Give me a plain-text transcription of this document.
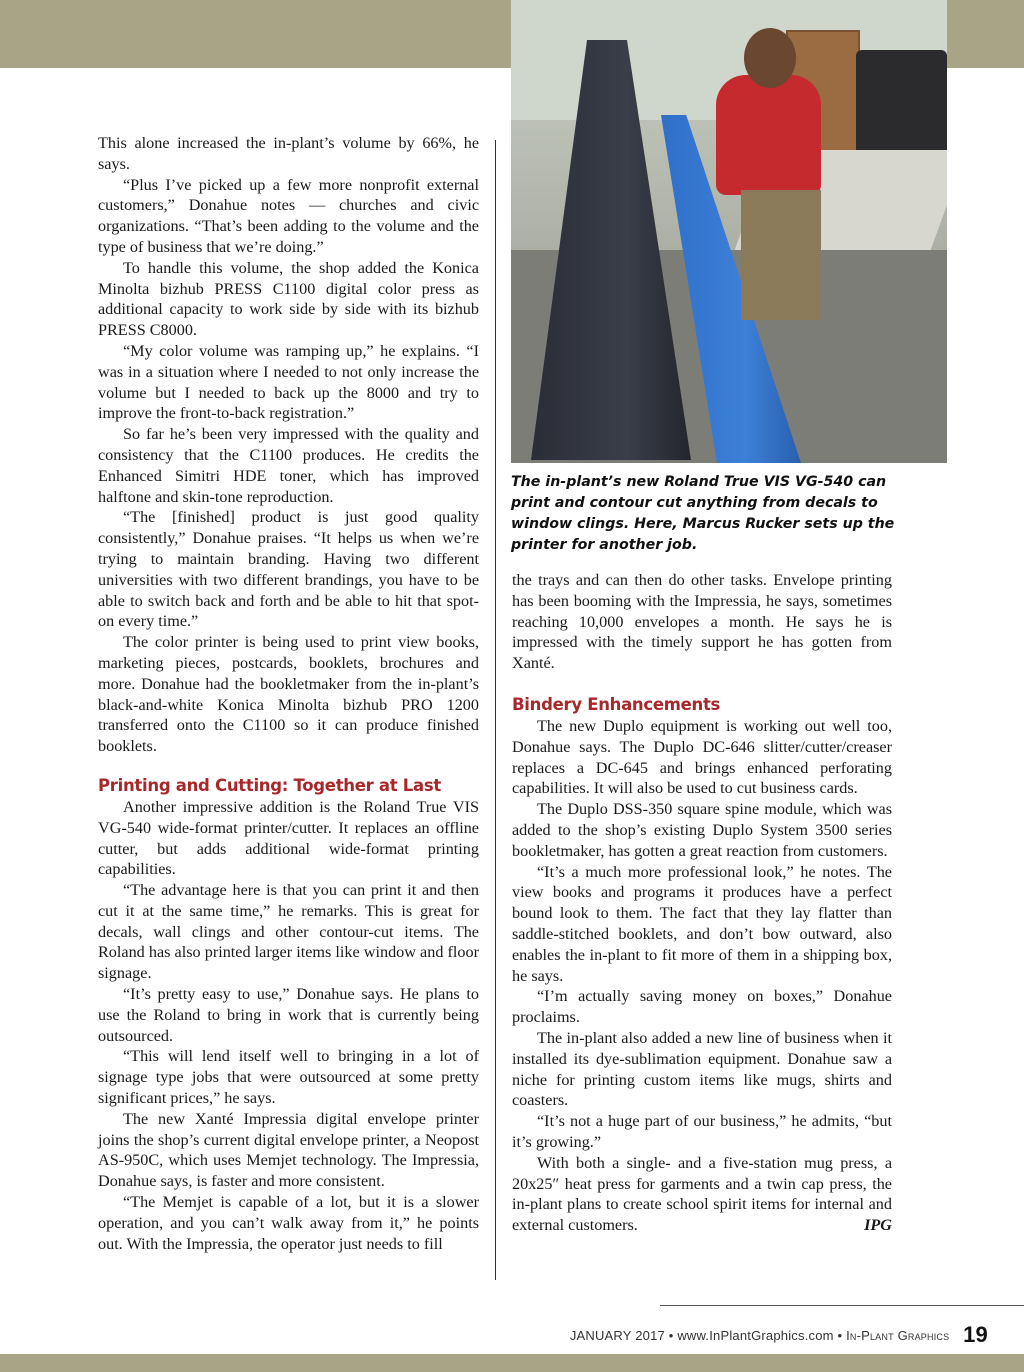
The in-plant’s new Roland True VIS VG-540 can print and contour cut anything from decals to window clings. Here, Marcus Rucker sets up the printer for another job.

This alone increased the in-plant’s volume by 66%, he says.

“Plus I’ve picked up a few more nonprofit external customers,” Donahue notes — churches and civic organizations. “That’s been adding to the volume and the type of business that we’re doing.”

To handle this volume, the shop added the Konica Minolta bizhub PRESS C1100 digital color press as additional capacity to work side by side with its bizhub PRESS C8000.

“My color volume was ramping up,” he explains. “I was in a situation where I needed to not only increase the volume but I needed to back up the 8000 and try to improve the front-to-back registration.”

So far he’s been very impressed with the quality and consistency that the C1100 produces. He credits the Enhanced Simitri HDE toner, which has improved halftone and skin-tone reproduction.

“The [finished] product is just good quality consistently,” Donahue praises. “It helps us when we’re trying to maintain branding. Having two different universities with two different brandings, you have to be able to switch back and forth and be able to hit that spot-on every time.”

The color printer is being used to print view books, marketing pieces, postcards, booklets, brochures and more. Donahue had the bookletmaker from the in-plant’s black-and-white Konica Minolta bizhub PRO 1200 transferred onto the C1100 so it can produce finished booklets.

Printing and Cutting: Together at Last

Another impressive addition is the Roland True VIS VG-540 wide-format printer/cutter. It replaces an offline cutter, but adds additional wide-format printing capabilities.

“The advantage here is that you can print it and then cut it at the same time,” he remarks. This is great for decals, wall clings and other contour-cut items. The Roland has also printed larger items like window and floor signage.

“It’s pretty easy to use,” Donahue says. He plans to use the Roland to bring in work that is currently being outsourced.

“This will lend itself well to bringing in a lot of signage type jobs that were outsourced at some pretty significant prices,” he says.

The new Xanté Impressia digital envelope printer joins the shop’s current digital envelope printer, a Neopost AS-950C, which uses Memjet technology. The Impressia, Donahue says, is faster and more consistent.

“The Memjet is capable of a lot, but it is a slower operation, and you can’t walk away from it,” he points out. With the Impressia, the operator just needs to fill

the trays and can then do other tasks. Envelope printing has been booming with the Impressia, he says, sometimes reaching 10,000 envelopes a month. He says he is impressed with the timely support he has gotten from Xanté.

Bindery Enhancements

The new Duplo equipment is working out well too, Donahue says. The Duplo DC-646 slitter/cutter/creaser replaces a DC-645 and brings enhanced perforating capabilities. It will also be used to cut business cards.

The Duplo DSS-350 square spine module, which was added to the shop’s existing Duplo System 3500 series bookletmaker, has gotten a great reaction from customers.

“It’s a much more professional look,” he notes. The view books and programs it produces have a perfect bound look to them. The fact that they lay flatter than saddle-stitched booklets, and don’t bow outward, also enables the in-plant to fit more of them in a shipping box, he says.

“I’m actually saving money on boxes,” Donahue proclaims.

The in-plant also added a new line of business when it installed its dye-sublimation equipment. Donahue saw a niche for printing custom items like mugs, shirts and coasters.

“It’s not a huge part of our business,” he admits, “but it’s growing.”

With both a single- and a five-station mug press, a 20x25″ heat press for garments and a twin cap press, the in-plant plans to create school spirit items for internal and external customers.	IPG

JANUARY 2017 • www.InPlantGraphics.com • In-Plant Graphics 19
